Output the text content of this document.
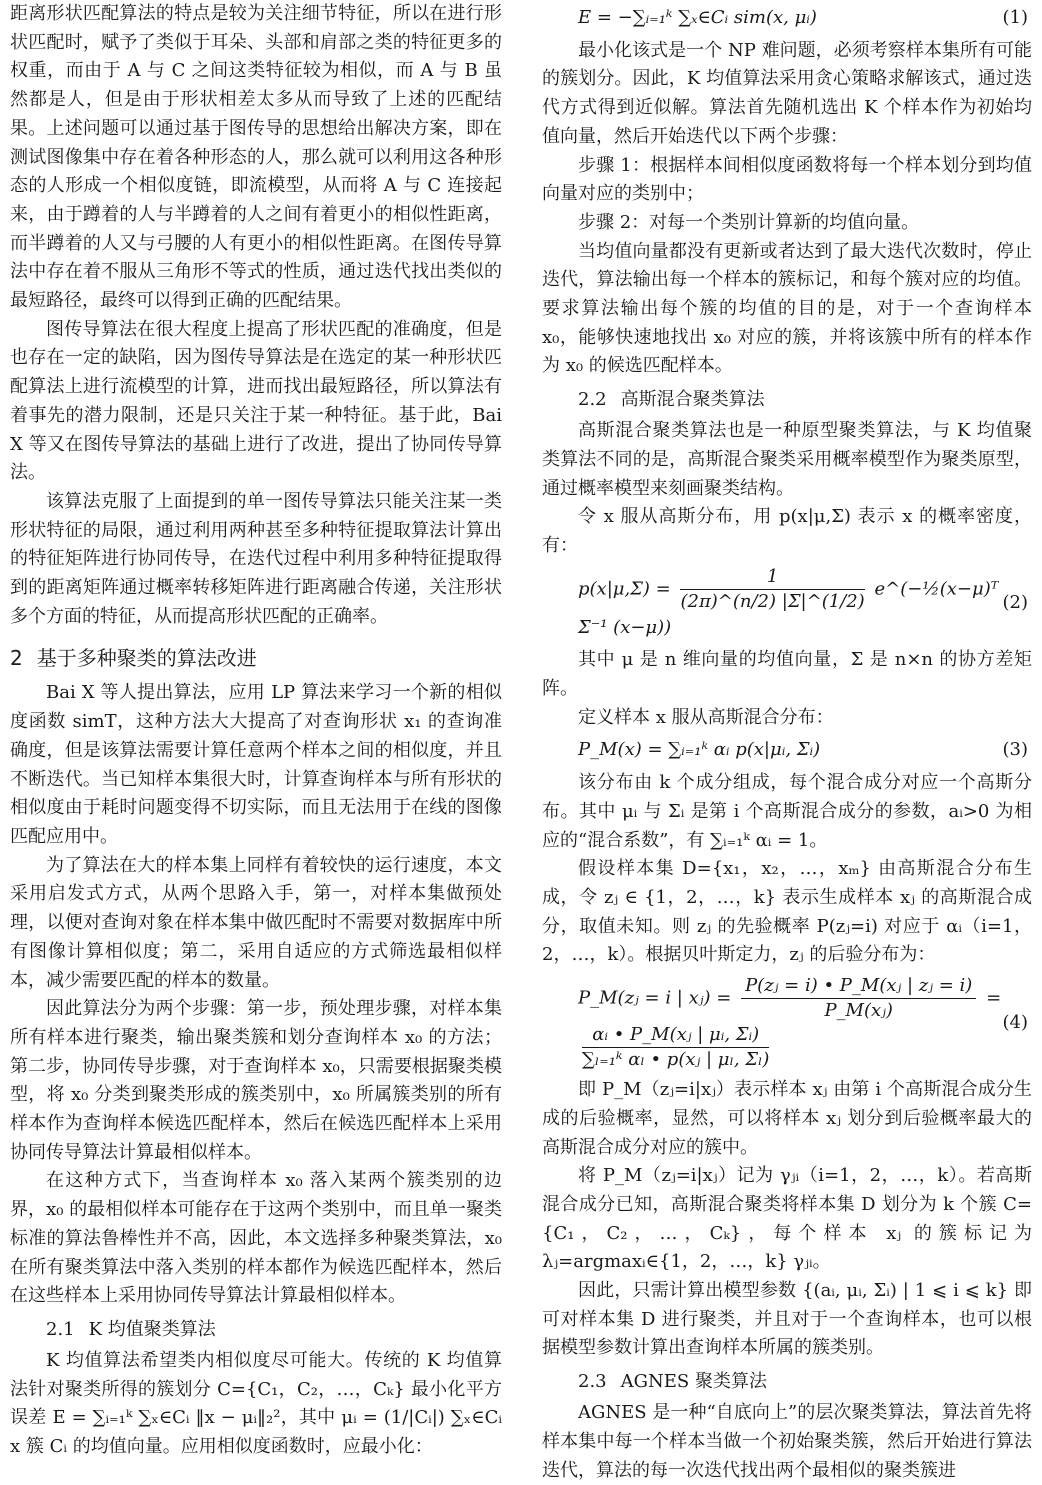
距离形状匹配算法的特点是较为关注细节特征，所以在进行形状匹配时，赋予了类似于耳朵、头部和肩部之类的特征更多的权重，而由于 A 与 C 之间这类特征较为相似，而 A 与 B 虽然都是人，但是由于形状相差太多从而导致了上述的匹配结果。上述问题可以通过基于图传导的思想给出解决方案，即在测试图像集中存在着各种形态的人，那么就可以利用这各种形态的人形成一个相似度链，即流模型，从而将 A 与 C 连接起来，由于蹲着的人与半蹲着的人之间有着更小的相似性距离，而半蹲着的人又与弓腰的人有更小的相似性距离。在图传导算法中存在着不服从三角形不等式的性质，通过迭代找出类似的最短路径，最终可以得到正确的匹配结果。

图传导算法在很大程度上提高了形状匹配的准确度，但是也存在一定的缺陷，因为图传导算法是在选定的某一种形状匹配算法上进行流模型的计算，进而找出最短路径，所以算法有着事先的潜力限制，还是只关注于某一种特征。基于此，Bai X 等又在图传导算法的基础上进行了改进，提出了协同传导算法。

该算法克服了上面提到的单一图传导算法只能关注某一类形状特征的局限，通过利用两种甚至多种特征提取算法计算出的特征矩阵进行协同传导，在迭代过程中利用多种特征提取得到的距离矩阵通过概率转移矩阵进行距离融合传递，关注形状多个方面的特征，从而提高形状匹配的正确率。

2 基于多种聚类的算法改进

Bai X 等人提出算法，应用 LP 算法来学习一个新的相似度函数 simT，这种方法大大提高了对查询形状 x₁ 的查询准确度，但是该算法需要计算任意两个样本之间的相似度，并且不断迭代。当已知样本集很大时，计算查询样本与所有形状的相似度由于耗时问题变得不切实际，而且无法用于在线的图像匹配应用中。

为了算法在大的样本集上同样有着较快的运行速度，本文采用启发式方式，从两个思路入手，第一，对样本集做预处理，以便对查询对象在样本集中做匹配时不需要对数据库中所有图像计算相似度；第二，采用自适应的方式筛选最相似样本，减少需要匹配的样本的数量。

因此算法分为两个步骤：第一步，预处理步骤，对样本集所有样本进行聚类，输出聚类簇和划分查询样本 x₀ 的方法；第二步，协同传导步骤，对于查询样本 x₀，只需要根据聚类模型，将 x₀ 分类到聚类形成的簇类别中，x₀ 所属簇类别的所有样本作为查询样本候选匹配样本，然后在候选匹配样本上采用协同传导算法计算最相似样本。

在这种方式下，当查询样本 x₀ 落入某两个簇类别的边界，x₀ 的最相似样本可能存在于这两个类别中，而且单一聚类标准的算法鲁棒性并不高，因此，本文选择多种聚类算法，x₀ 在所有聚类算法中落入类别的样本都作为候选匹配样本，然后在这些样本上采用协同传导算法计算最相似样本。

2.1 K 均值聚类算法

K 均值算法希望类内相似度尽可能大。传统的 K 均值算法针对聚类所得的簇划分 C={C₁，C₂，…，Cₖ} 最小化平方误差 E = ∑ᵢ₌₁ᵏ ∑ₓ∈Cᵢ ‖x − μᵢ‖₂²，其中 μᵢ = (1/|Cᵢ|) ∑ₓ∈Cᵢ x 簇 Cᵢ 的均值向量。应用相似度函数时，应最小化：

E = −∑ᵢ₌₁ᵏ ∑ₓ∈Cᵢ sim(x, μᵢ)	(1)

最小化该式是一个 NP 难问题，必须考察样本集所有可能的簇划分。因此，K 均值算法采用贪心策略求解该式，通过迭代方式得到近似解。算法首先随机选出 K 个样本作为初始均值向量，然后开始迭代以下两个步骤：

步骤 1：根据样本间相似度函数将每一个样本划分到均值向量对应的类别中；

步骤 2：对每一个类别计算新的均值向量。

当均值向量都没有更新或者达到了最大迭代次数时，停止迭代，算法输出每一个样本的簇标记，和每个簇对应的均值。要求算法输出每个簇的均值的目的是，对于一个查询样本 x₀，能够快速地找出 x₀ 对应的簇，并将该簇中所有的样本作为 x₀ 的候选匹配样本。

2.2 高斯混合聚类算法

高斯混合聚类算法也是一种原型聚类算法，与 K 均值聚类算法不同的是，高斯混合聚类采用概率模型作为聚类原型，通过概率模型来刻画聚类结构。

令 x 服从高斯分布，用 p(x|μ,Σ) 表示 x 的概率密度，有：

$p(x|\mu,\Sigma) = \frac{1}{(2\pi)\^{}(n/2) |\Sigma|\^{}(1/2)}$ e^(−½(x−μ)ᵀ Σ⁻¹ (x−μ))
(2)

其中 μ 是 n 维向量的均值向量，Σ 是 n×n 的协方差矩阵。

定义样本 x 服从高斯混合分布：

P_M(x) = ∑ᵢ₌₁ᵏ αᵢ p(x|μᵢ, Σᵢ)	(3)

该分布由 k 个成分组成，每个混合成分对应一个高斯分布。其中 μᵢ 与 Σᵢ 是第 i 个高斯混合成分的参数，aᵢ>0 为相应的“混合系数”，有 ∑ᵢ₌₁ᵏ αᵢ = 1。

假设样本集 D={x₁，x₂，…，xₘ} 由高斯混合分布生成，令 zⱼ ∈ {1，2，…，k} 表示生成样本 xⱼ 的高斯混合成分，取值未知。则 zⱼ 的先验概率 P(zⱼ=i) 对应于 αᵢ（i=1，2，…，k）。根据贝叶斯定力，zⱼ 的后验分布为：

P_M(zⱼ = i | xⱼ) = $\frac{\text{P(zⱼ = i) • P\_M(xⱼ | zⱼ = i)}}{\text{P\_M(xⱼ)}}$ =
$\frac{\text{αᵢ • P\_M(xⱼ | μᵢ, Σᵢ)}}{\text{∑ₗ₌₁ᵏ αₗ • p(xⱼ | μₗ, Σₗ)}}$
(4)

即 P_M（zⱼ=i|xⱼ）表示样本 xⱼ 由第 i 个高斯混合成分生成的后验概率，显然，可以将样本 xⱼ 划分到后验概率最大的高斯混合成分对应的簇中。

将 P_M（zⱼ=i|xⱼ）记为 γⱼᵢ（i=1，2，…，k）。若高斯混合成分已知，高斯混合聚类将样本集 D 划分为 k 个簇 C={C₁，C₂，…，Cₖ}，每个样本 xⱼ 的簇标记为 λⱼ=argmaxᵢ∈{1，2，…，k} γⱼᵢ。

因此，只需计算出模型参数 {(aᵢ, μᵢ, Σᵢ) | 1 ⩽ i ⩽ k} 即可对样本集 D 进行聚类，并且对于一个查询样本，也可以根据模型参数计算出查询样本所属的簇类别。

2.3 AGNES 聚类算法

AGNES 是一种“自底向上”的层次聚类算法，算法首先将样本集中每一个样本当做一个初始聚类簇，然后开始进行算法迭代，算法的每一次迭代找出两个最相似的聚类簇进
